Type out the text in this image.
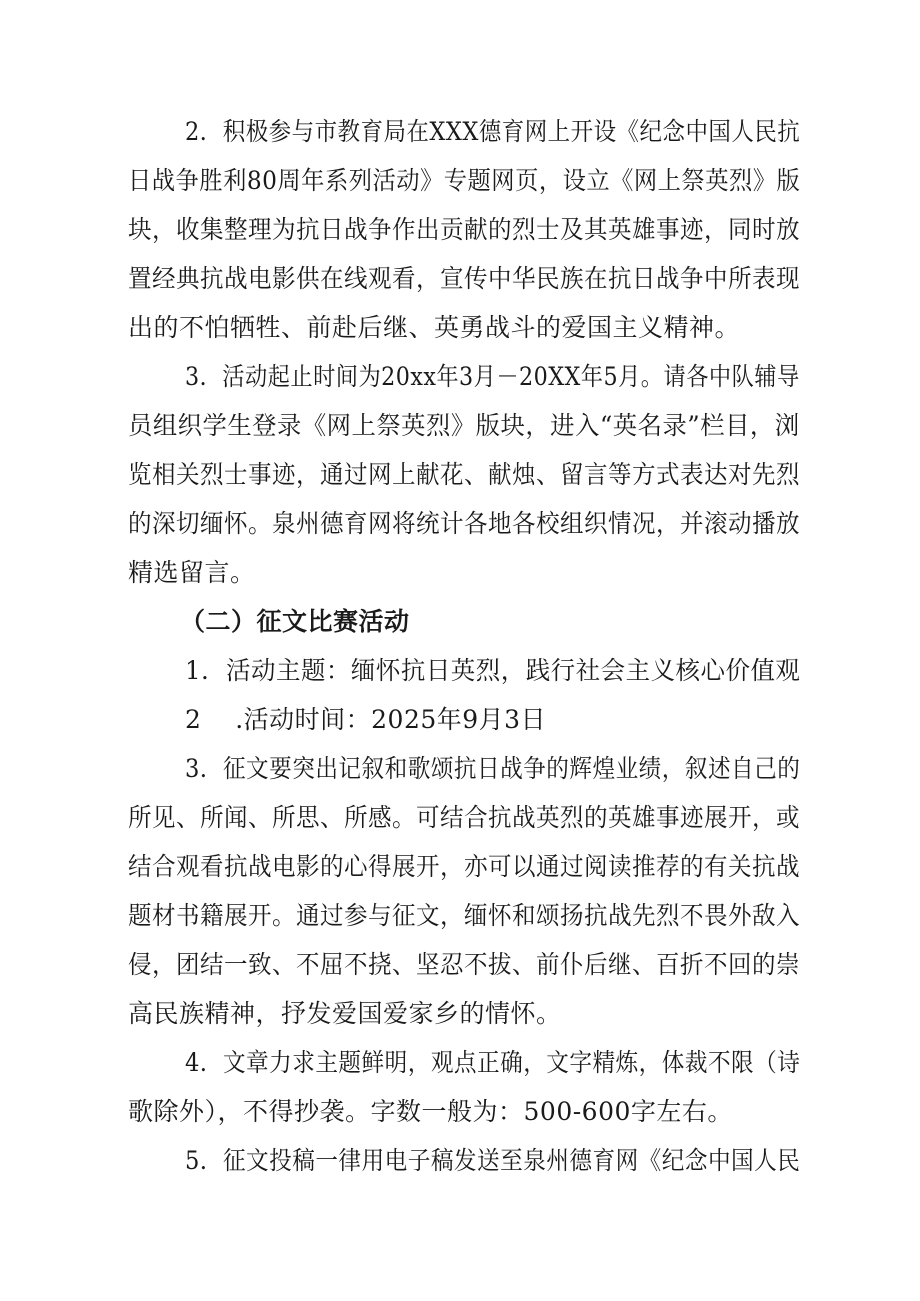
2．积极参与市教育局在XXX德育网上开设《纪念中国人民抗
日战争胜利80周年系列活动》专题网页，设立《网上祭英烈》版
块，收集整理为抗日战争作出贡献的烈士及其英雄事迹，同时放
置经典抗战电影供在线观看，宣传中华民族在抗日战争中所表现
出的不怕牺牲、前赴后继、英勇战斗的爱国主义精神。
3．活动起止时间为20xx年3月－20XX年5月。请各中队辅导
员组织学生登录《网上祭英烈》版块，进入“英名录”栏目，浏
览相关烈士事迹，通过网上献花、献烛、留言等方式表达对先烈
的深切缅怀。泉州德育网将统计各地各校组织情况，并滚动播放
精选留言。
（二）征文比赛活动
1．活动主题：缅怀抗日英烈，践行社会主义核心价值观
2    .活动时间：2025年9月3日
3．征文要突出记叙和歌颂抗日战争的辉煌业绩，叙述自己的
所见、所闻、所思、所感。可结合抗战英烈的英雄事迹展开，或
结合观看抗战电影的心得展开，亦可以通过阅读推荐的有关抗战
题材书籍展开。通过参与征文，缅怀和颂扬抗战先烈不畏外敌入
侵，团结一致、不屈不挠、坚忍不拔、前仆后继、百折不回的崇
高民族精神，抒发爱国爱家乡的情怀。
4．文章力求主题鲜明，观点正确，文字精炼，体裁不限（诗
歌除外），不得抄袭。字数一般为：500-600字左右。
5．征文投稿一律用电子稿发送至泉州德育网《纪念中国人民
